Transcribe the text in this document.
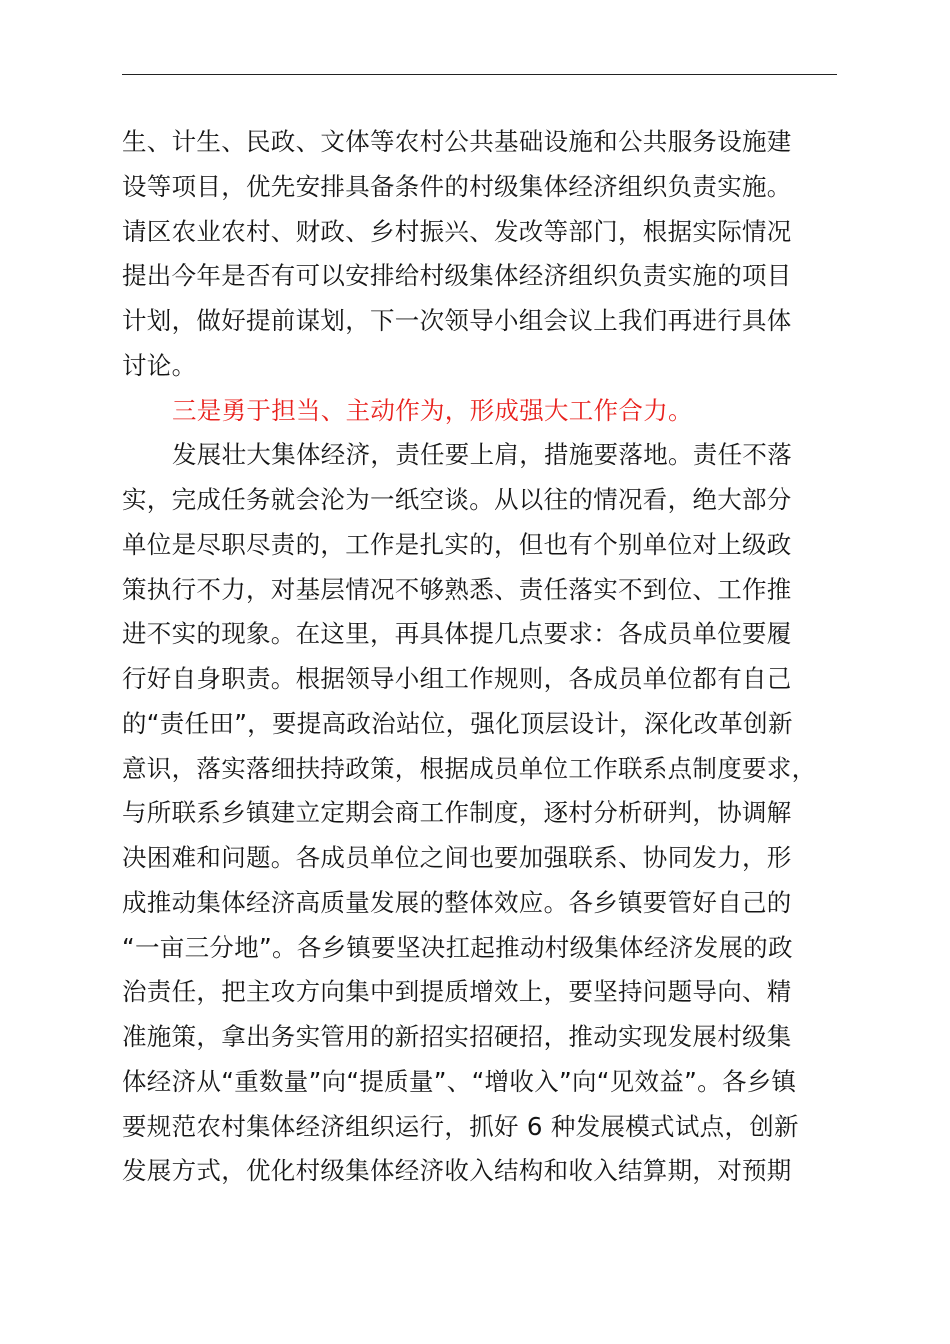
生、计生、民政、文体等农村公共基础设施和公共服务设施建
设等项目，优先安排具备条件的村级集体经济组织负责实施。
请区农业农村、财政、乡村振兴、发改等部门，根据实际情况
提出今年是否有可以安排给村级集体经济组织负责实施的项目
计划，做好提前谋划，下一次领导小组会议上我们再进行具体
讨论。
三是勇于担当、主动作为，形成强大工作合力。
发展壮大集体经济，责任要上肩，措施要落地。责任不落
实，完成任务就会沦为一纸空谈。从以往的情况看，绝大部分
单位是尽职尽责的，工作是扎实的，但也有个别单位对上级政
策执行不力，对基层情况不够熟悉、责任落实不到位、工作推
进不实的现象。在这里，再具体提几点要求：各成员单位要履
行好自身职责。根据领导小组工作规则，各成员单位都有自己
的“责任田”，要提高政治站位，强化顶层设计，深化改革创新
意识，落实落细扶持政策，根据成员单位工作联系点制度要求，
与所联系乡镇建立定期会商工作制度，逐村分析研判，协调解
决困难和问题。各成员单位之间也要加强联系、协同发力，形
成推动集体经济高质量发展的整体效应。各乡镇要管好自己的
“一亩三分地”。各乡镇要坚决扛起推动村级集体经济发展的政
治责任，把主攻方向集中到提质增效上，要坚持问题导向、精
准施策，拿出务实管用的新招实招硬招，推动实现发展村级集
体经济从“重数量”向“提质量”、“增收入”向“见效益”。各乡镇
要规范农村集体经济组织运行，抓好 6 种发展模式试点，创新
发展方式，优化村级集体经济收入结构和收入结算期，对预期
